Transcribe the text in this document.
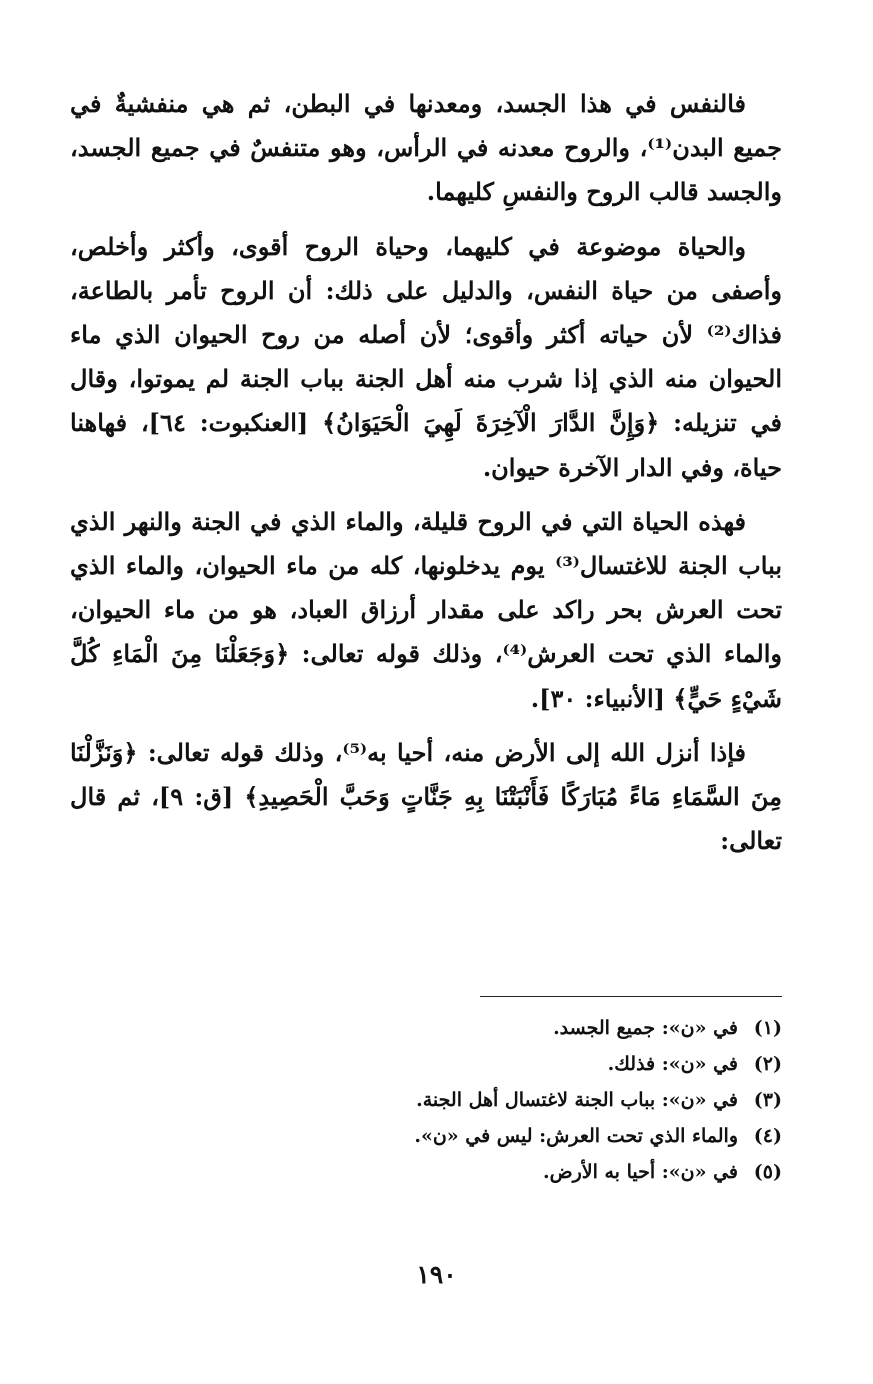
فالنفس في هذا الجسد، ومعدنها في البطن، ثم هي منفشيةٌ في جميع البدن⁽¹⁾، والروح معدنه في الرأس، وهو متنفسٌ في جميع الجسد، والجسد قالب الروح والنفسِ كليهما.

والحياة موضوعة في كليهما، وحياة الروح أقوى، وأكثر وأخلص، وأصفى من حياة النفس، والدليل على ذلك: أن الروح تأمر بالطاعة، فذاك⁽²⁾ لأن حياته أكثر وأقوى؛ لأن أصله من روح الحيوان الذي ماء الحيوان منه الذي إذا شرب منه أهل الجنة بباب الجنة لم يموتوا، وقال في تنزيله: ﴿وَإِنَّ الدَّارَ الْآخِرَةَ لَهِيَ الْحَيَوَانُ﴾ [العنكبوت: ٦٤]، فهاهنا حياة، وفي الدار الآخرة حيوان.

فهذه الحياة التي في الروح قليلة، والماء الذي في الجنة والنهر الذي بباب الجنة للاغتسال⁽³⁾ يوم يدخلونها، كله من ماء الحيوان، والماء الذي تحت العرش بحر راكد على مقدار أرزاق العباد، هو من ماء الحيوان، والماء الذي تحت العرش⁽⁴⁾، وذلك قوله تعالى: ﴿وَجَعَلْنَا مِنَ الْمَاءِ كُلَّ شَيْءٍ حَيٍّ﴾ [الأنبياء: ٣٠].

فإذا أنزل الله إلى الأرض منه، أحيا به⁽⁵⁾، وذلك قوله تعالى: ﴿وَنَزَّلْنَا مِنَ السَّمَاءِ مَاءً مُبَارَكًا فَأَنْبَتْنَا بِهِ جَنَّاتٍ وَحَبَّ الْحَصِيدِ﴾ [ق: ٩]، ثم قال تعالى:

(١)في «ن»: جميع الجسد.
(٢)في «ن»: فذلك.
(٣)في «ن»: بباب الجنة لاغتسال أهل الجنة.
(٤)والماء الذي تحت العرش: ليس في «ن».
(٥)في «ن»: أحيا به الأرض.
١٩٠
